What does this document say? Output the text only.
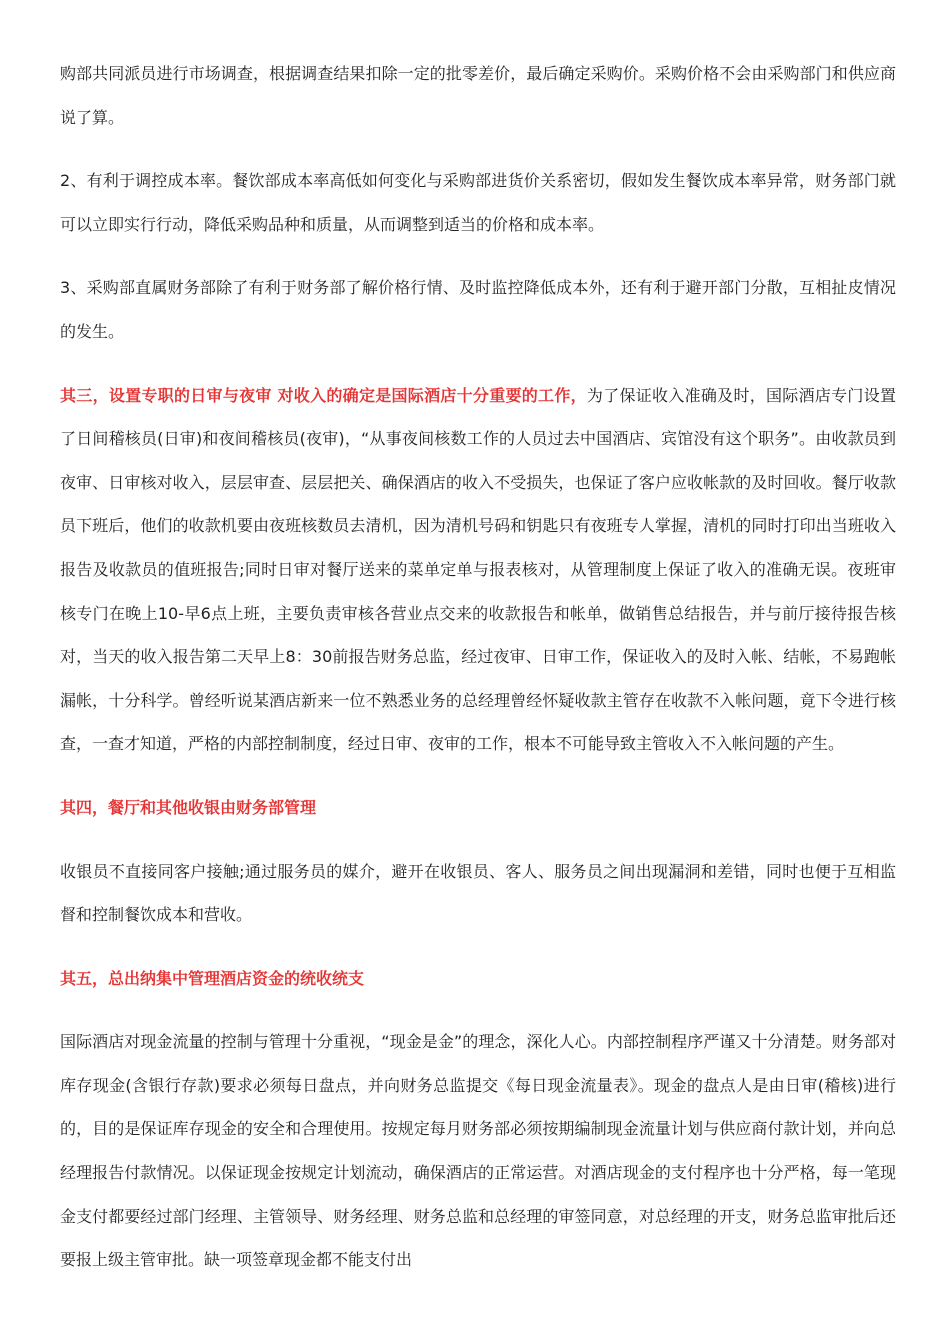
购部共同派员进行市场调查，根据调查结果扣除一定的批零差价，最后确定采购价。采购价格不会由采购部门和供应商说了算。

2、有利于调控成本率。餐饮部成本率高低如何变化与采购部进货价关系密切，假如发生餐饮成本率异常，财务部门就可以立即实行行动，降低采购品种和质量，从而调整到适当的价格和成本率。

3、采购部直属财务部除了有利于财务部了解价格行情、及时监控降低成本外，还有利于避开部门分散，互相扯皮情况的发生。

其三，设置专职的日审与夜审 对收入的确定是国际酒店十分重要的工作，为了保证收入准确及时，国际酒店专门设置了日间稽核员(日审)和夜间稽核员(夜审)，“从事夜间核数工作的人员过去中国酒店、宾馆没有这个职务”。由收款员到夜审、日审核对收入，层层审查、层层把关、确保酒店的收入不受损失，也保证了客户应收帐款的及时回收。餐厅收款员下班后，他们的收款机要由夜班核数员去清机，因为清机号码和钥匙只有夜班专人掌握，清机的同时打印出当班收入报告及收款员的值班报告;同时日审对餐厅送来的菜单定单与报表核对，从管理制度上保证了收入的准确无误。夜班审核专门在晚上10-早6点上班，主要负责审核各营业点交来的收款报告和帐单，做销售总结报告，并与前厅接待报告核对，当天的收入报告第二天早上8：30前报告财务总监，经过夜审、日审工作，保证收入的及时入帐、结帐，不易跑帐漏帐，十分科学。曾经听说某酒店新来一位不熟悉业务的总经理曾经怀疑收款主管存在收款不入帐问题，竟下令进行核查，一查才知道，严格的内部控制制度，经过日审、夜审的工作，根本不可能导致主管收入不入帐问题的产生。

其四，餐厅和其他收银由财务部管理

收银员不直接同客户接触;通过服务员的媒介，避开在收银员、客人、服务员之间出现漏洞和差错，同时也便于互相监督和控制餐饮成本和营收。

其五，总出纳集中管理酒店资金的统收统支

国际酒店对现金流量的控制与管理十分重视，“现金是金”的理念，深化人心。内部控制程序严谨又十分清楚。财务部对库存现金(含银行存款)要求必须每日盘点，并向财务总监提交《每日现金流量表》。现金的盘点人是由日审(稽核)进行的，目的是保证库存现金的安全和合理使用。按规定每月财务部必须按期编制现金流量计划与供应商付款计划，并向总经理报告付款情况。以保证现金按规定计划流动，确保酒店的正常运营。对酒店现金的支付程序也十分严格，每一笔现金支付都要经过部门经理、主管领导、财务经理、财务总监和总经理的审签同意，对总经理的开支，财务总监审批后还要报上级主管审批。缺一项签章现金都不能支付出
